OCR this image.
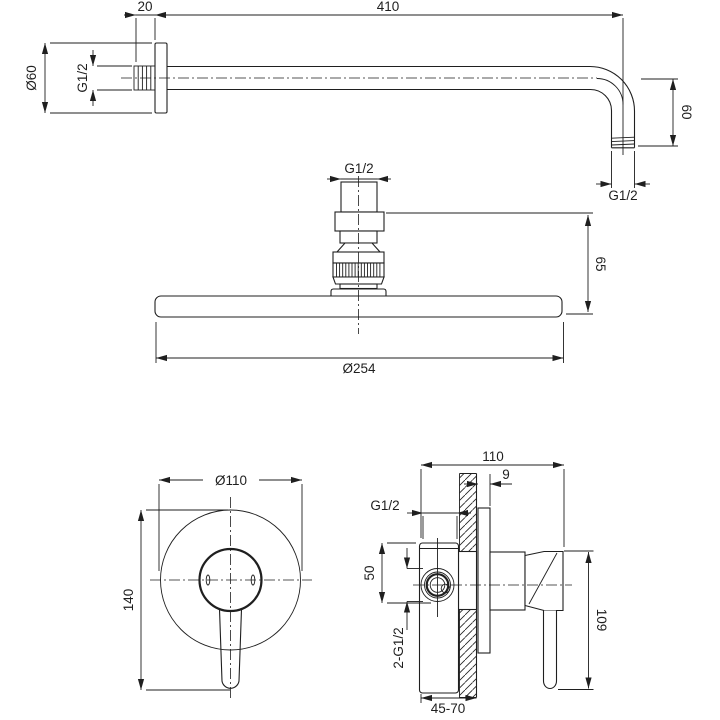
20	410
Ø60	G1/2
60
G1/2
G1/2
65
Ø254
Ø110
140
110
9
G1/2
50
2-G1/2
109
45-70
